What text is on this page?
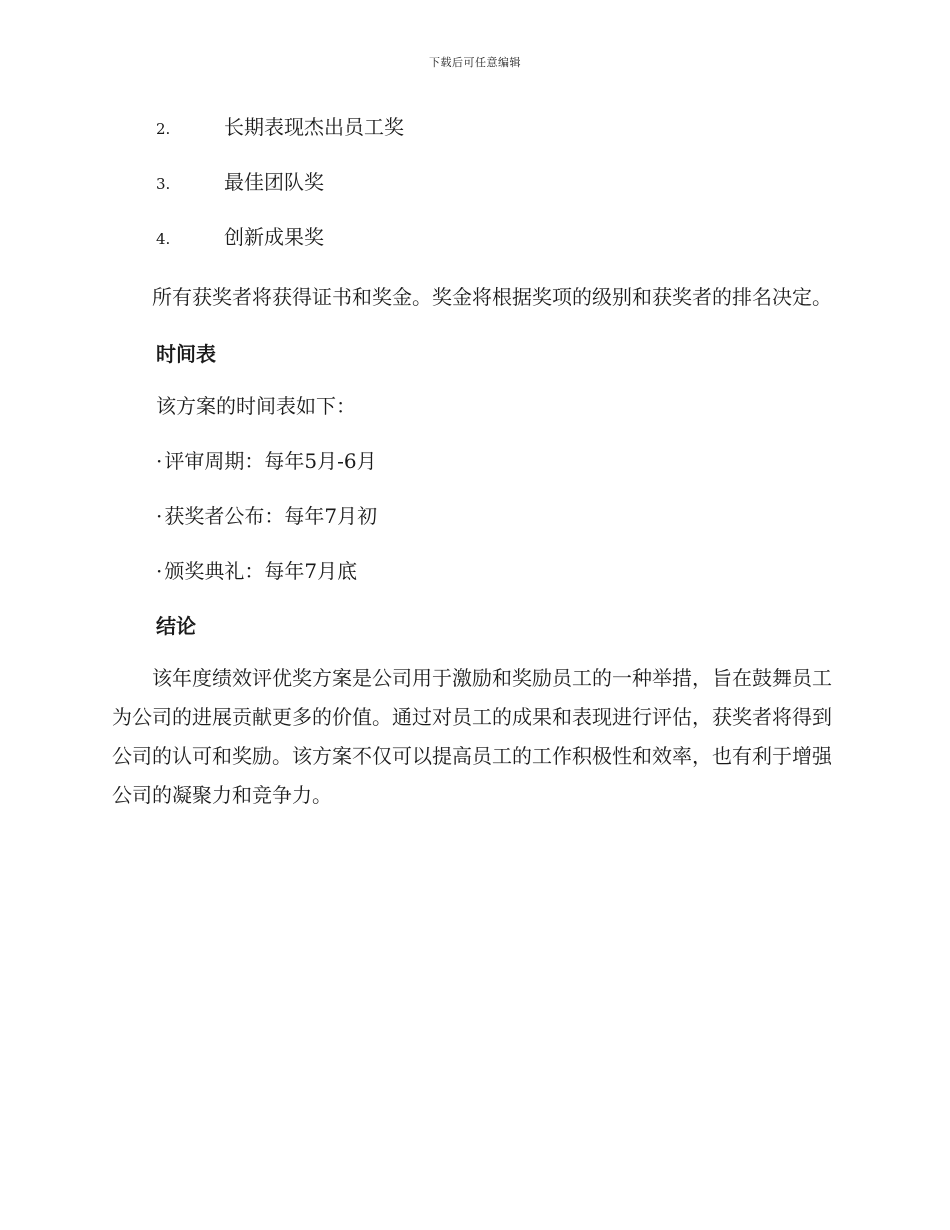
下载后可任意编辑
2.	长期表现杰出员工奖
3.	最佳团队奖
4.	创新成果奖

所有获奖者将获得证书和奖金。奖金将根据奖项的级别和获奖者的排名决定。

时间表
该方案的时间表如下：
· 评审周期：每年5月-6月
· 获奖者公布：每年7月初
· 颁奖典礼：每年7月底
结论

该年度绩效评优奖方案是公司用于激励和奖励员工的一种举措，旨在鼓舞员工为公司的进展贡献更多的价值。通过对员工的成果和表现进行评估，获奖者将得到公司的认可和奖励。该方案不仅可以提高员工的工作积极性和效率，也有利于增强公司的凝聚力和竞争力。
